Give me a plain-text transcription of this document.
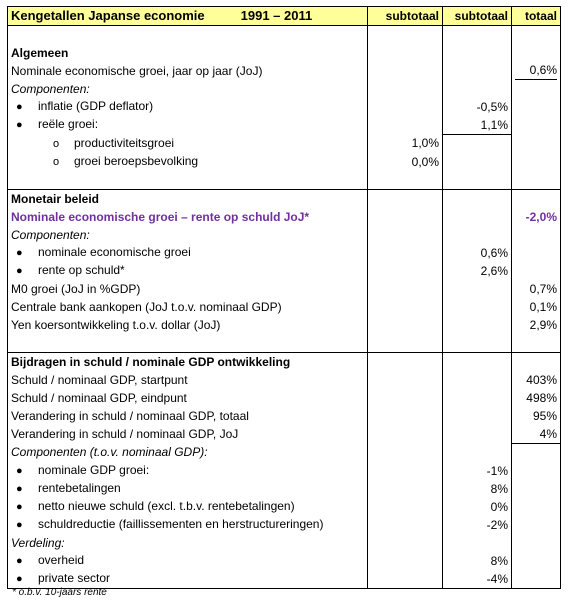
Kengetallen Japanse economie 1991 – 2011	subtotaal	subtotaal	totaal

Algemeen			
Nominale economische groei, jaar op jaar (JoJ)			0,6%

Componenten:			
● inflatie (GDP deflator)		-0,5%	
● reële groei:		1,1%	
o productiviteitsgroei	1,0%		
o groei beroepsbevolking	0,0%		

Monetair beleid			
Nominale economische groei – rente op schuld JoJ*			-2,0%
Componenten:			
● nominale economische groei		0,6%	
● rente op schuld*		2,6%	
M0 groei (JoJ in %GDP)			0,7%
Centrale bank aankopen (JoJ t.o.v. nominaal GDP)			0,1%
Yen koersontwikkeling t.o.v. dollar (JoJ)			2,9%

Bijdragen in schuld / nominale GDP ontwikkeling			
Schuld / nominaal GDP, startpunt			403%
Schuld / nominaal GDP, eindpunt			498%
Verandering in schuld / nominaal GDP, totaal			95%
Verandering in schuld / nominaal GDP, JoJ			4%
Componenten (t.o.v. nominaal GDP):			
● nominale GDP groei:		-1%	
● rentebetalingen		8%	
● netto nieuwe schuld (excl. t.b.v. rentebetalingen)		0%	
● schuldreductie (faillissementen en herstructureringen)		-2%	
Verdeling:			
● overheid		8%	
● private sector		-4%	
* o.b.v. 10-jaars rente
